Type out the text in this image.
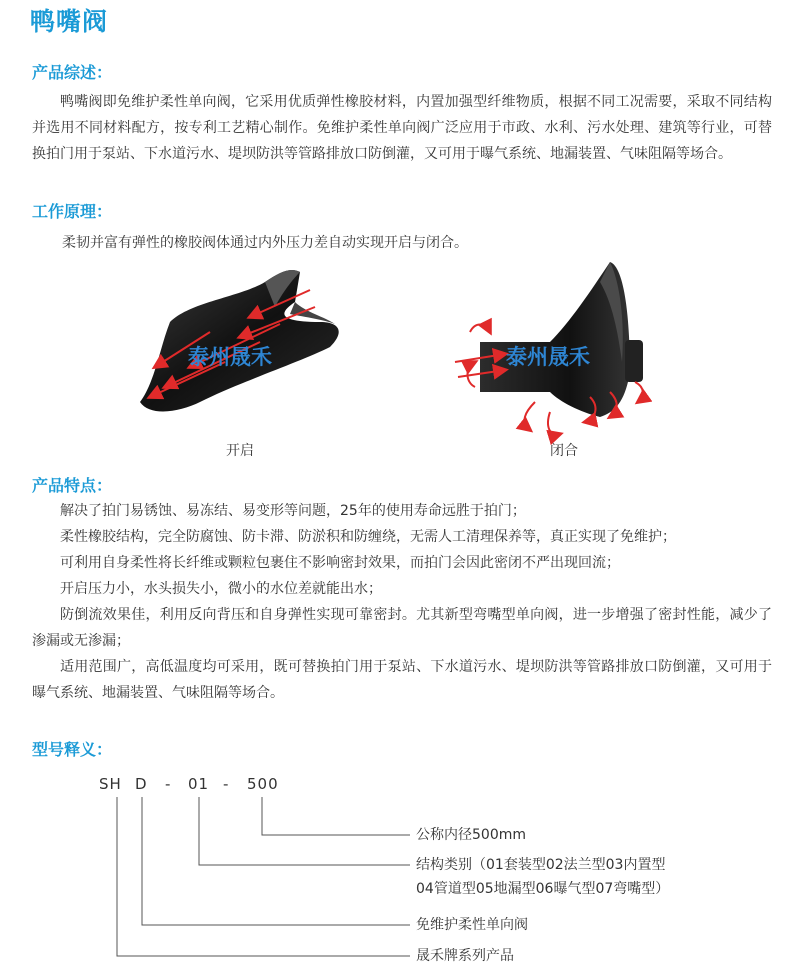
鸭嘴阀
产品综述：

鸭嘴阀即免维护柔性单向阀，它采用优质弹性橡胶材料，内置加强型纤维物质，根据不同工况需要，采取不同结构并选用不同材料配方，按专利工艺精心制作。免维护柔性单向阀广泛应用于市政、水利、污水处理、建筑等行业，可替换拍门用于泵站、下水道污水、堤坝防洪等管路排放口防倒灌，又可用于曝气系统、地漏装置、气味阻隔等场合。

工作原理：
柔韧并富有弹性的橡胶阀体通过内外压力差自动实现开启与闭合。
泰州晟禾
开启
泰州晟禾
闭合
产品特点：
解决了拍门易锈蚀、易冻结、易变形等问题，25年的使用寿命远胜于拍门；
柔性橡胶结构，完全防腐蚀、防卡滞、防淤积和防缠绕，无需人工清理保养等，真正实现了免维护；
可利用自身柔性将长纤维或颗粒包裹住不影响密封效果，而拍门会因此密闭不严出现回流；
开启压力小，水头损失小，微小的水位差就能出水；
防倒流效果佳，利用反向背压和自身弹性实现可靠密封。尤其新型弯嘴型单向阀，进一步增强了密封性能，减少了渗漏或无渗漏；
适用范围广，高低温度均可采用，既可替换拍门用于泵站、下水道污水、堤坝防洪等管路排放口防倒灌，又可用于曝气系统、地漏装置、气味阻隔等场合。
型号释义：
SH D - 01 - 500
公称内径500mm
结构类别（01套装型02法兰型03内置型
04管道型05地漏型06曝气型07弯嘴型）
免维护柔性单向阀
晟禾牌系列产品
